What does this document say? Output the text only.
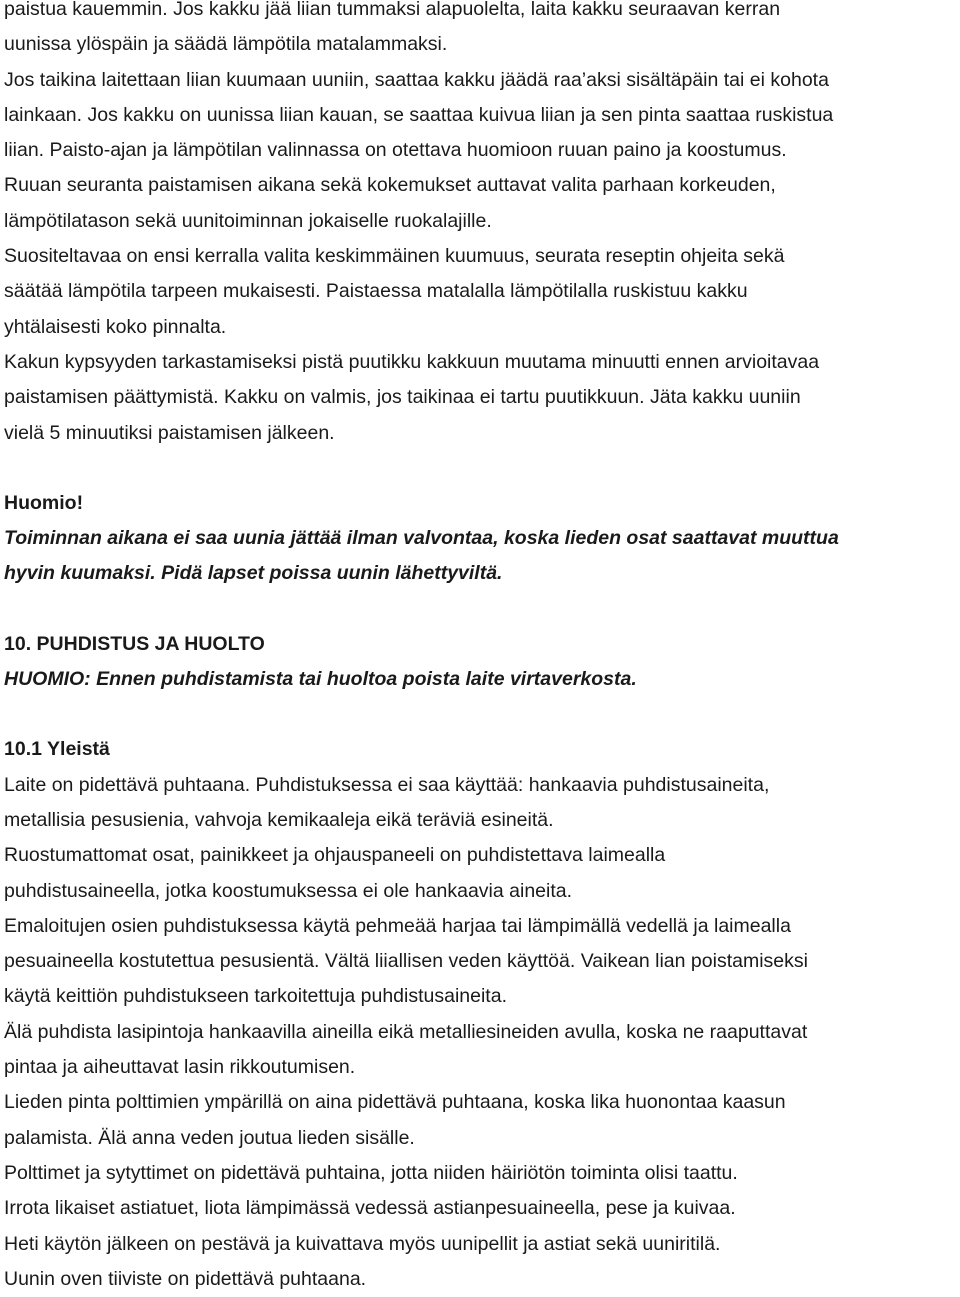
paistua kauemmin. Jos kakku jää liian tummaksi alapuolelta, laita kakku seuraavan kerran

uunissa ylöspäin ja säädä lämpötila matalammaksi.

Jos taikina laitettaan liian kuumaan uuniin, saattaa kakku jäädä raa’aksi sisältäpäin tai ei kohota

lainkaan. Jos kakku on uunissa liian kauan, se saattaa kuivua liian ja sen pinta saattaa ruskistua

liian. Paisto-ajan ja lämpötilan valinnassa on otettava huomioon ruuan paino ja koostumus.

Ruuan seuranta paistamisen aikana sekä kokemukset auttavat valita parhaan korkeuden,

lämpötilatason sekä uunitoiminnan jokaiselle ruokalajille.

Suositeltavaa on ensi kerralla valita keskimmäinen kuumuus, seurata reseptin ohjeita sekä

säätää lämpötila tarpeen mukaisesti. Paistaessa matalalla lämpötilalla ruskistuu kakku

yhtälaisesti koko pinnalta.

Kakun kypsyyden tarkastamiseksi pistä puutikku kakkuun muutama minuutti ennen arvioitavaa

paistamisen päättymistä. Kakku on valmis, jos taikinaa ei tartu puutikkuun. Jäta kakku uuniin

vielä 5 minuutiksi paistamisen jälkeen.

Huomio!

Toiminnan aikana ei saa uunia jättää ilman valvontaa, koska lieden osat saattavat muuttua

hyvin kuumaksi. Pidä lapset poissa uunin lähettyviltä.

10. PUHDISTUS JA HUOLTO

HUOMIO: Ennen puhdistamista tai huoltoa poista laite virtaverkosta.

10.1 Yleistä

Laite on pidettävä puhtaana. Puhdistuksessa ei saa käyttää: hankaavia puhdistusaineita,

metallisia pesusienia, vahvoja kemikaaleja eikä teräviä esineitä.

Ruostumattomat osat, painikkeet ja ohjauspaneeli on puhdistettava laimealla

puhdistusaineella, jotka koostumuksessa ei ole hankaavia aineita.

Emaloitujen osien puhdistuksessa käytä pehmeää harjaa tai lämpimällä vedellä ja laimealla

pesuaineella kostutettua pesusientä. Vältä liiallisen veden käyttöä. Vaikean lian poistamiseksi

käytä keittiön puhdistukseen tarkoitettuja puhdistusaineita.

Älä puhdista lasipintoja hankaavilla aineilla eikä metalliesineiden avulla, koska ne raaputtavat

pintaa ja aiheuttavat lasin rikkoutumisen.

Lieden pinta polttimien ympärillä on aina pidettävä puhtaana, koska lika huonontaa kaasun

palamista. Älä anna veden joutua lieden sisälle.

Polttimet ja sytyttimet on pidettävä puhtaina, jotta niiden häiriötön toiminta olisi taattu.

Irrota likaiset astiatuet, liota lämpimässä vedessä astianpesuaineella, pese ja kuivaa.

Heti käytön jälkeen on pestävä ja kuivattava myös uunipellit ja astiat sekä uuniritilä.

Uunin oven tiiviste on pidettävä puhtaana.
